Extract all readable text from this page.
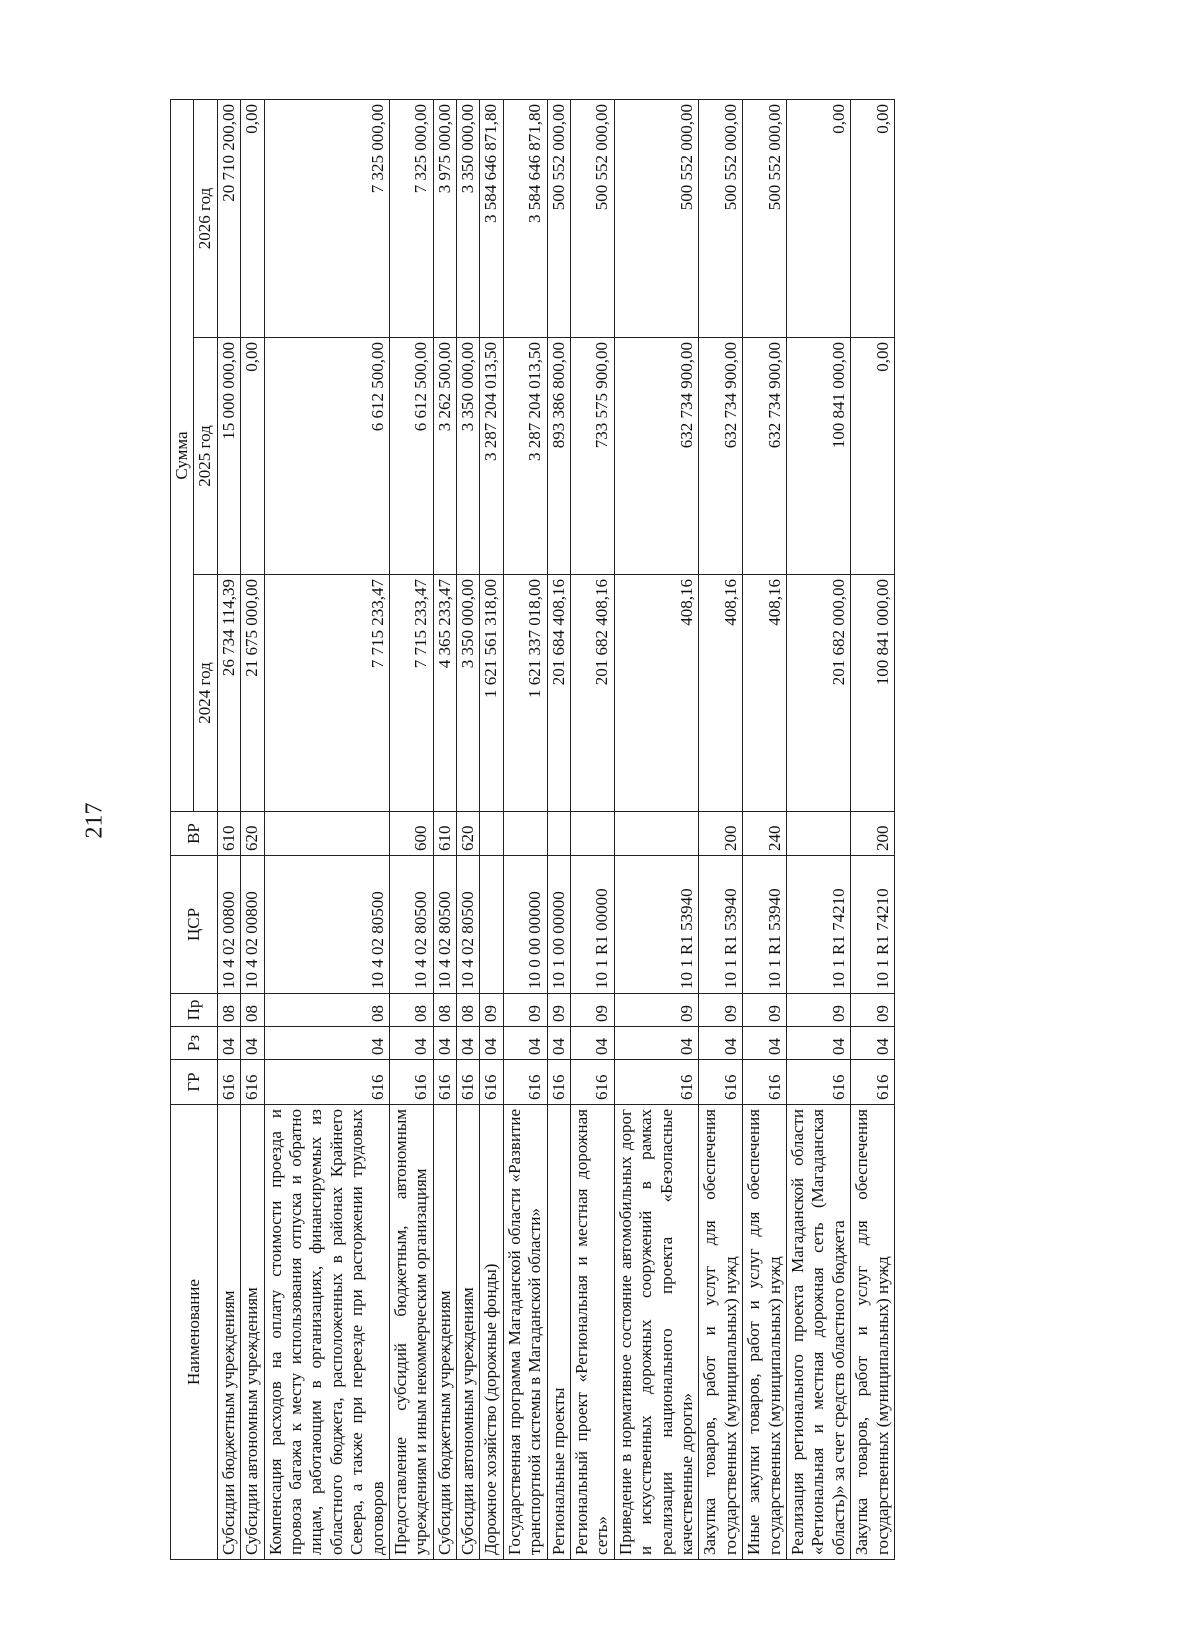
217
Наименование	ГР	Рз	Пр	ЦСР	ВР	Сумма		
						2024 год	2025 год	2026 год
Субсидии бюджетным учреждениям	616	04	08	10 4 02 00800	610	26 734 114,39	15 000 000,00	20 710 200,00
Субсидии автономным учреждениям	616	04	08	10 4 02 00800	620	21 675 000,00	0,00	0,00
Компенсация расходов на оплату стоимости проезда и провоза багажа к месту использования отпуска и обратно лицам, работающим в организациях, финансируемых из областного бюджета, расположенных в районах Крайнего Севера, а также при переезде при расторжении трудовых договоров	616	04	08	10 4 02 80500		7 715 233,47	6 612 500,00	7 325 000,00
Предоставление субсидий бюджетным, автономным учреждениям и иным некоммерческим организациям	616	04	08	10 4 02 80500	600	7 715 233,47	6 612 500,00	7 325 000,00
Субсидии бюджетным учреждениям	616	04	08	10 4 02 80500	610	4 365 233,47	3 262 500,00	3 975 000,00
Субсидии автономным учреждениям	616	04	08	10 4 02 80500	620	3 350 000,00	3 350 000,00	3 350 000,00
Дорожное хозяйство (дорожные фонды)	616	04	09			1 621 561 318,00	3 287 204 013,50	3 584 646 871,80
Государственная программа Магаданской области «Развитие транспортной системы в Магаданской области»	616	04	09	10 0 00 00000		1 621 337 018,00	3 287 204 013,50	3 584 646 871,80
Региональные проекты	616	04	09	10 1 00 00000		201 684 408,16	893 386 800,00	500 552 000,00
Региональный проект «Региональная и местная дорожная сеть»	616	04	09	10 1 R1 00000		201 682 408,16	733 575 900,00	500 552 000,00
Приведение в нормативное состояние автомобильных дорог и искусственных дорожных сооружений в рамках реализации национального проекта «Безопасные качественные дороги»	616	04	09	10 1 R1 53940		408,16	632 734 900,00	500 552 000,00
Закупка товаров, работ и услуг для обеспечения государственных (муниципальных) нужд	616	04	09	10 1 R1 53940	200	408,16	632 734 900,00	500 552 000,00
Иные закупки товаров, работ и услуг для обеспечения государственных (муниципальных) нужд	616	04	09	10 1 R1 53940	240	408,16	632 734 900,00	500 552 000,00
Реализация регионального проекта Магаданской области «Региональная и местная дорожная сеть (Магаданская область)» за счет средств областного бюджета	616	04	09	10 1 R1 74210		201 682 000,00	100 841 000,00	0,00
Закупка товаров, работ и услуг для обеспечения государственных (муниципальных) нужд	616	04	09	10 1 R1 74210	200	100 841 000,00	0,00	0,00
